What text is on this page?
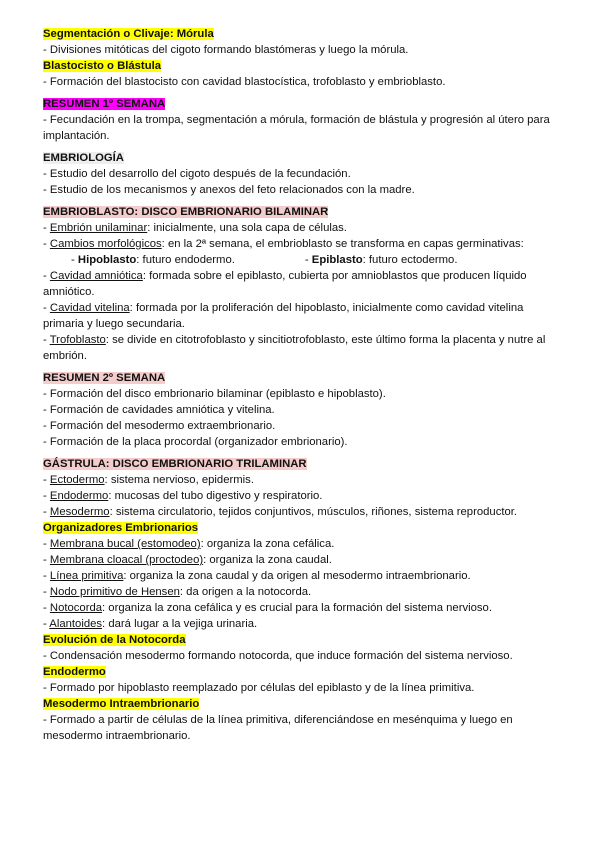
Segmentación o Clivaje: Mórula
- Divisiones mitóticas del cigoto formando blastómeras y luego la mórula.
Blastocisto o Blástula
- Formación del blastocisto con cavidad blastocística, trofoblasto y embrioblasto.
RESUMEN 1º SEMANA
- Fecundación en la trompa, segmentación a mórula, formación de blástula y progresión al útero para implantación.
EMBRIOLOGÍA
- Estudio del desarrollo del cigoto después de la fecundación.
- Estudio de los mecanismos y anexos del feto relacionados con la madre.
EMBRIOBLASTO: DISCO EMBRIONARIO BILAMINAR
- Embrión unilaminar: inicialmente, una sola capa de células.
- Cambios morfológicos: en la 2ª semana, el embrioblasto se transforma en capas germinativas:
- Hipoblasto: futuro endodermo.	- Epiblasto: futuro ectodermo.
- Cavidad amniótica: formada sobre el epiblasto, cubierta por amnioblastos que producen líquido amniótico.
- Cavidad vitelina: formada por la proliferación del hipoblasto, inicialmente como cavidad vitelina primaria y luego secundaria.
- Trofoblasto: se divide en citotrofoblasto y sincitiotrofoblasto, este último forma la placenta y nutre al embrión.
RESUMEN 2º SEMANA
- Formación del disco embrionario bilaminar (epiblasto e hipoblasto).
- Formación de cavidades amniótica y vitelina.
- Formación del mesodermo extraembrionario.
- Formación de la placa procordal (organizador embrionario).
GÁSTRULA: DISCO EMBRIONARIO TRILAMINAR
- Ectodermo: sistema nervioso, epidermis.
- Endodermo: mucosas del tubo digestivo y respiratorio.
- Mesodermo: sistema circulatorio, tejidos conjuntivos, músculos, riñones, sistema reproductor.
Organizadores Embrionarios
- Membrana bucal (estomodeo): organiza la zona cefálica.
- Membrana cloacal (proctodeo): organiza la zona caudal.
- Línea primitiva: organiza la zona caudal y da origen al mesodermo intraembrionario.
- Nodo primitivo de Hensen: da origen a la notocorda.
- Notocorda: organiza la zona cefálica y es crucial para la formación del sistema nervioso.
- Alantoides: dará lugar a la vejiga urinaria.
Evolución de la Notocorda
- Condensación mesodermo formando notocorda, que induce formación del sistema nervioso.
Endodermo
- Formado por hipoblasto reemplazado por células del epiblasto y de la línea primitiva.
Mesodermo Intraembrionario
- Formado a partir de células de la línea primitiva, diferenciándose en mesénquima y luego en mesodermo intraembrionario.
